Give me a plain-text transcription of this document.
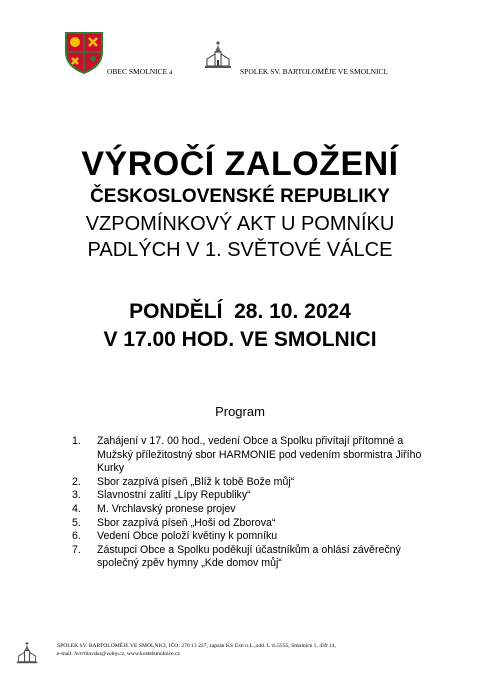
OBEC SMOLNICE a	SPOLEK SV. BARTOLOMĚJE VE SMOLNICI,
VÝROČÍ ZALOŽENÍ
ČESKOSLOVENSKÉ REPUBLIKY
VZPOMÍNKOVÝ AKT U POMNÍKU
PADLÝCH V 1. SVĚTOVÉ VÁLCE
PONDĚLÍ  28. 10. 2024
V 17.00 HOD. VE SMOLNICI
Program
1.	Zahájení v 17. 00 hod., vedení Obce a Spolku přivítají přítomné a Mužský příležitostný sbor HARMONIE pod vedením sbormistra Jiřího Kurky
2.	Sbor zazpívá píseň „Blíž k tobě Bože můj“
3.	Slavnostní zalití „Lípy Republiky“
4.	M. Vrchlavský pronese projev
5.	Sbor zazpívá píseň „Hoši od Zborova“
6.	Vedení Obce položí květiny k pomníku
7.	Zástupci Obce a Spolku poděkují účastníkům a ohlásí závěrečný společný zpěv hymny „Kde domov můj“
SPOLEK SV. BARTOLOMĚJE VE SMOLNICI, IČO: 270 13 227, zapsán KS Ústí n.L.,odd. L vl.5555, Smolnice 1, 439 14,
e-mail: hvrchlavska@volny.cz, www.kostelsmolnice.cz
